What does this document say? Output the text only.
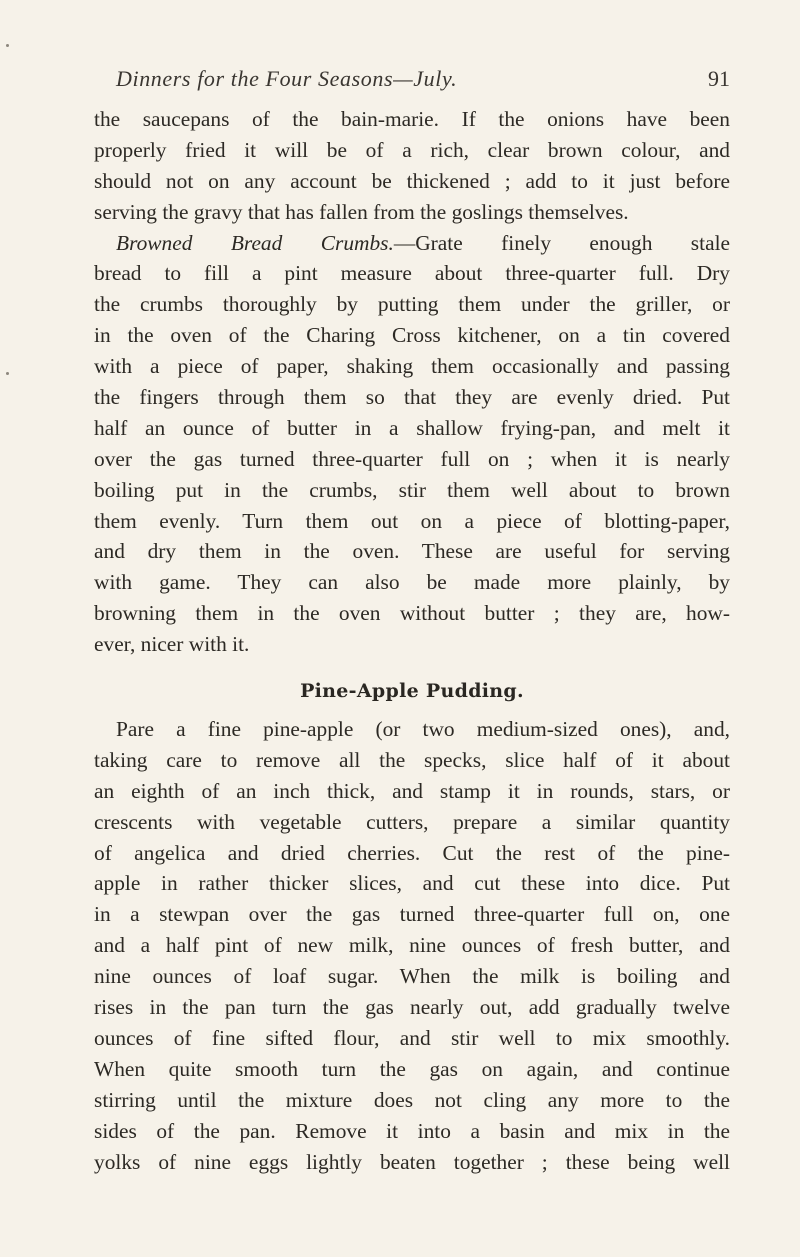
Dinners for the Four Seasons—July.	91
the saucepans of the bain-marie. If the onions have been
properly fried it will be of a rich, clear brown colour, and
should not on any account be thickened ; add to it just before
serving the gravy that has fallen from the goslings themselves.
Browned Bread Crumbs.—Grate finely enough stale
bread to fill a pint measure about three-quarter full. Dry
the crumbs thoroughly by putting them under the griller, or
in the oven of the Charing Cross kitchener, on a tin covered
with a piece of paper, shaking them occasionally and passing
the fingers through them so that they are evenly dried. Put
half an ounce of butter in a shallow frying-pan, and melt it
over the gas turned three-quarter full on ; when it is nearly
boiling put in the crumbs, stir them well about to brown
them evenly. Turn them out on a piece of blotting-paper,
and dry them in the oven. These are useful for serving
with game. They can also be made more plainly, by
browning them in the oven without butter ; they are, how-
ever, nicer with it.
Pine-Apple Pudding.
Pare a fine pine-apple (or two medium-sized ones), and,
taking care to remove all the specks, slice half of it about
an eighth of an inch thick, and stamp it in rounds, stars, or
crescents with vegetable cutters, prepare a similar quantity
of angelica and dried cherries. Cut the rest of the pine-
apple in rather thicker slices, and cut these into dice. Put
in a stewpan over the gas turned three-quarter full on, one
and a half pint of new milk, nine ounces of fresh butter, and
nine ounces of loaf sugar. When the milk is boiling and
rises in the pan turn the gas nearly out, add gradually twelve
ounces of fine sifted flour, and stir well to mix smoothly.
When quite smooth turn the gas on again, and continue
stirring until the mixture does not cling any more to the
sides of the pan. Remove it into a basin and mix in the
yolks of nine eggs lightly beaten together ; these being well
